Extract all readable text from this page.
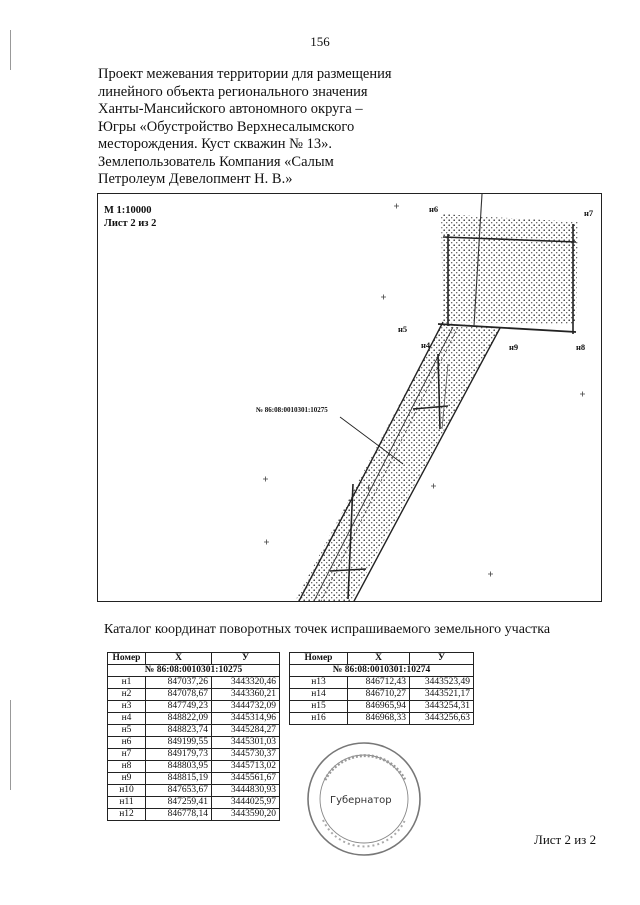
156
Проект межевания территории для размещения
линейного объекта регионального значения
Ханты-Мансийского автономного округа –
Югры «Обустройство Верхнесалымского
месторождения. Куст скважин № 13».
Землепользователь Компания «Салым
Петролеум Девелопмент Н. В.»
М 1:10000
Лист 2 из 2
н6	н7
н5
н4	н9	н8
№ 86:08:0010301:10275
Каталог координат поворотных точек испрашиваемого земельного участка
Номер	X	У
№ 86:08:0010301:10275		
н1	847037,26	3443320,46
н2	847078,67	3443360,21
н3	847749,23	3444732,09
н4	848822,09	3445314,96
н5	848823,74	3445284,27
н6	849199,55	3445301,03
н7	849179,73	3445730,37
н8	848803,95	3445713,02
н9	848815,19	3445561,67
н10	847653,67	3444830,93
н11	847259,41	3444025,97
н12	846778,14	3443590,20
Номер	X	У
№ 86:08:0010301:10274		
н13	846712,43	3443523,49
н14	846710,27	3443521,17
н15	846965,94	3443254,31
н16	846968,33	3443256,63
Губернатор
Лист 2 из 2
